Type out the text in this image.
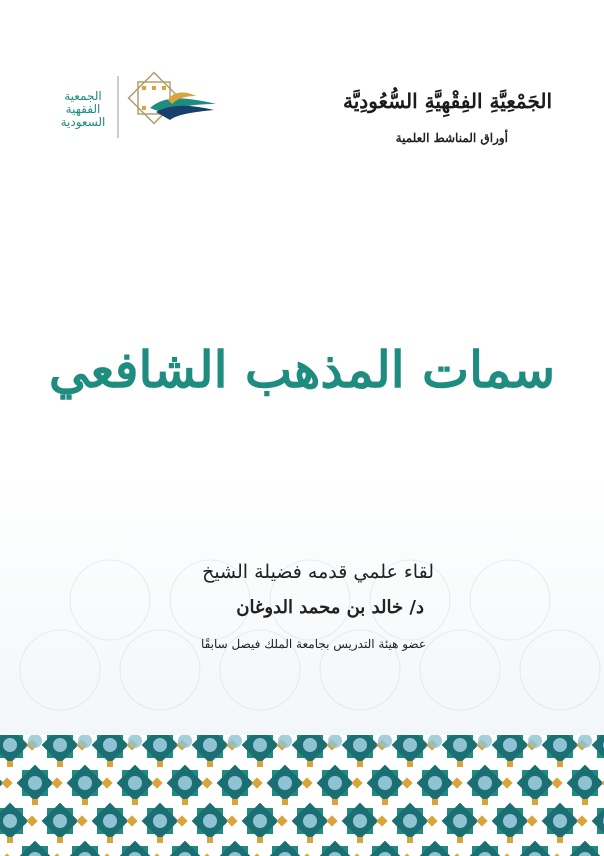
الجمعية
الفقهية
السعودية
الجَمْعِيَّةِ الفِقْهِيَّةِ السُّعُودِيَّة
أوراق المناشط العلمية
سمات المذهب الشافعي
لقاء علمي قدمه فضيلة الشيخ
د/ خالد بن محمد الدوغان
عضو هيئة التدريس بجامعة الملك فيصل سابقًا
